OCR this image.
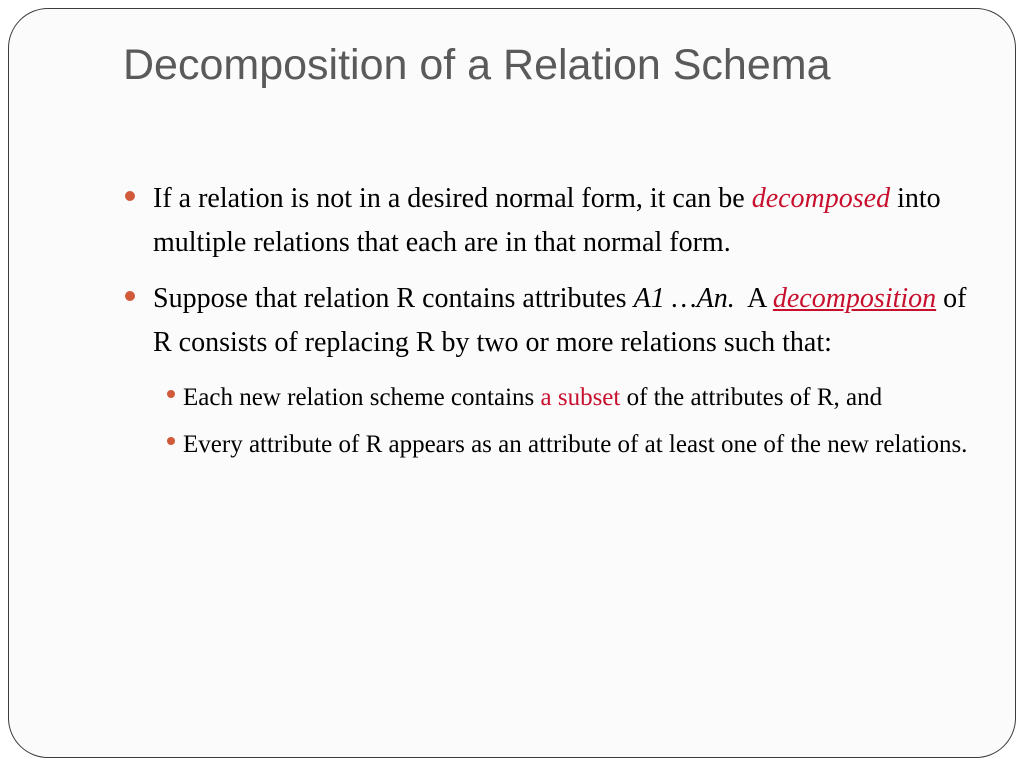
Decomposition of a Relation Schema
If a relation is not in a desired normal form, it can be decomposed into multiple relations that each are in that normal form.
Suppose that relation R contains attributes A1 …An.  A decomposition of R consists of replacing R by two or more relations such that:
Each new relation scheme contains a subset of the attributes of R, and
Every attribute of R appears as an attribute of at least one of the new relations.
